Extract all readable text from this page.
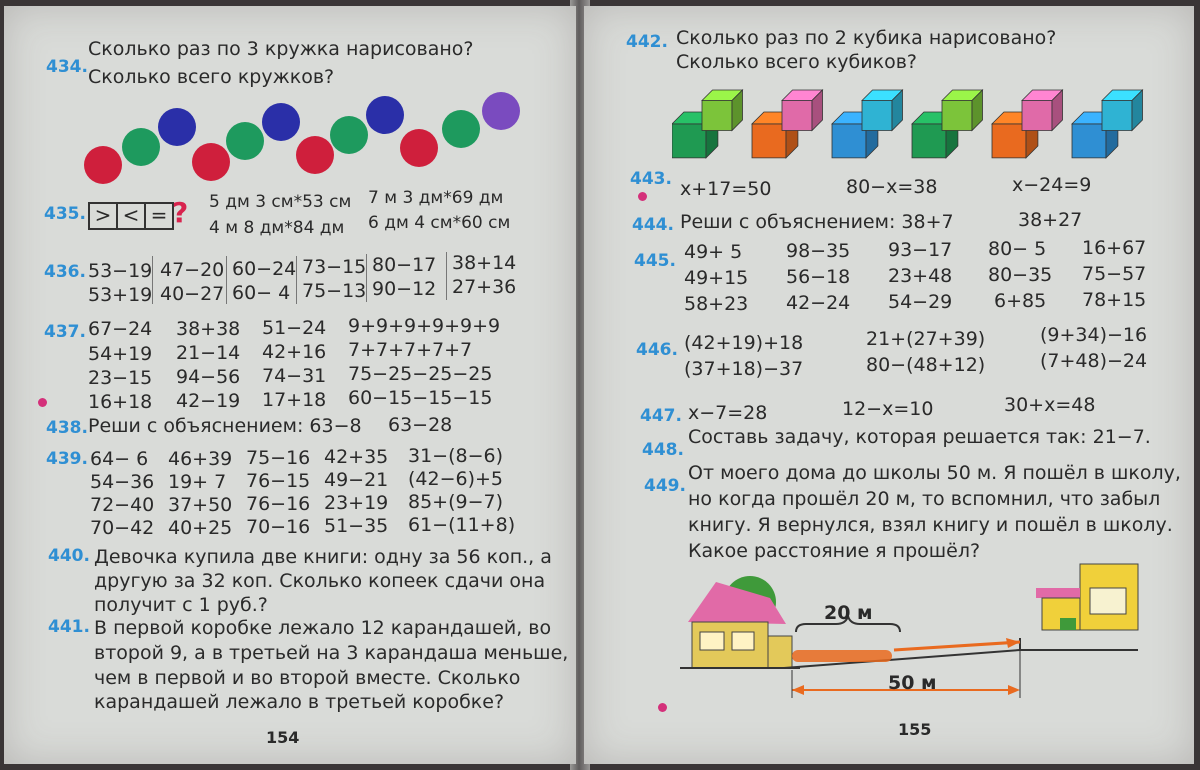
434.
Сколько раз по 3 кружка нарисовано?
Сколько всего кружков?
435. > < = ? 5 дм 3 см*53 см 7 м 3 дм*69 дм
4 м 8 дм*84 дм 6 дм 4 см*60 см
436. 53−19 47−20 60−24 73−15 80−17 38+14
53+19 40−27 60− 4 75−13 90−12 27+36
437. 67−24 38+38 51−24 9+9+9+9+9+9
54+19 21−14 42+16 7+7+7+7+7
23−15 94−56 74−31 75−25−25−25
16+18 42−19 17+18 60−15−15−15
438. Реши с объяснением: 63−8 63−28
439. 64− 6 46+39 75−16 42+35 31−(8−6)
54−36 19+ 7 76−15 49−21 (42−6)+5
72−40 37+50 76−16 23+19 85+(9−7)
70−42 40+25 70−16 51−35 61−(11+8)
440. Девочка купила две книги: одну за 56 коп., а
другую за 32 коп. Сколько копеек сдачи она
получит с 1 руб.?
441. В первой коробке лежало 12 карандашей, во
второй 9, а в третьей на 3 карандаша меньше,
чем в первой и во второй вместе. Сколько
карандашей лежало в третьей коробке?
154
442. Сколько раз по 2 кубика нарисовано?
Сколько всего кубиков?
443. x+17=50	80−x=38	x−24=9
444. Реши с объяснением: 38+7	38+27
445. 49+ 5 98−35 93−17 80− 5 16+67
49+15 56−18 23+48 80−35 75−57
58+23 42−24 54−29 6+85 78+15
446. (42+19)+18	21+(27+39)	(9+34)−16
(37+18)−37	80−(48+12)	(7+48)−24
447. x−7=28	12−x=10	30+x=48
448.
Составь задачу, которая решается так: 21−7.
449.
От моего дома до школы 50 м. Я пошёл в школу,
но когда прошёл 20 м, то вспомнил, что забыл
книгу. Я вернулся, взял книгу и пошёл в школу.
Какое расстояние я прошёл?
20 м
50 м
155
